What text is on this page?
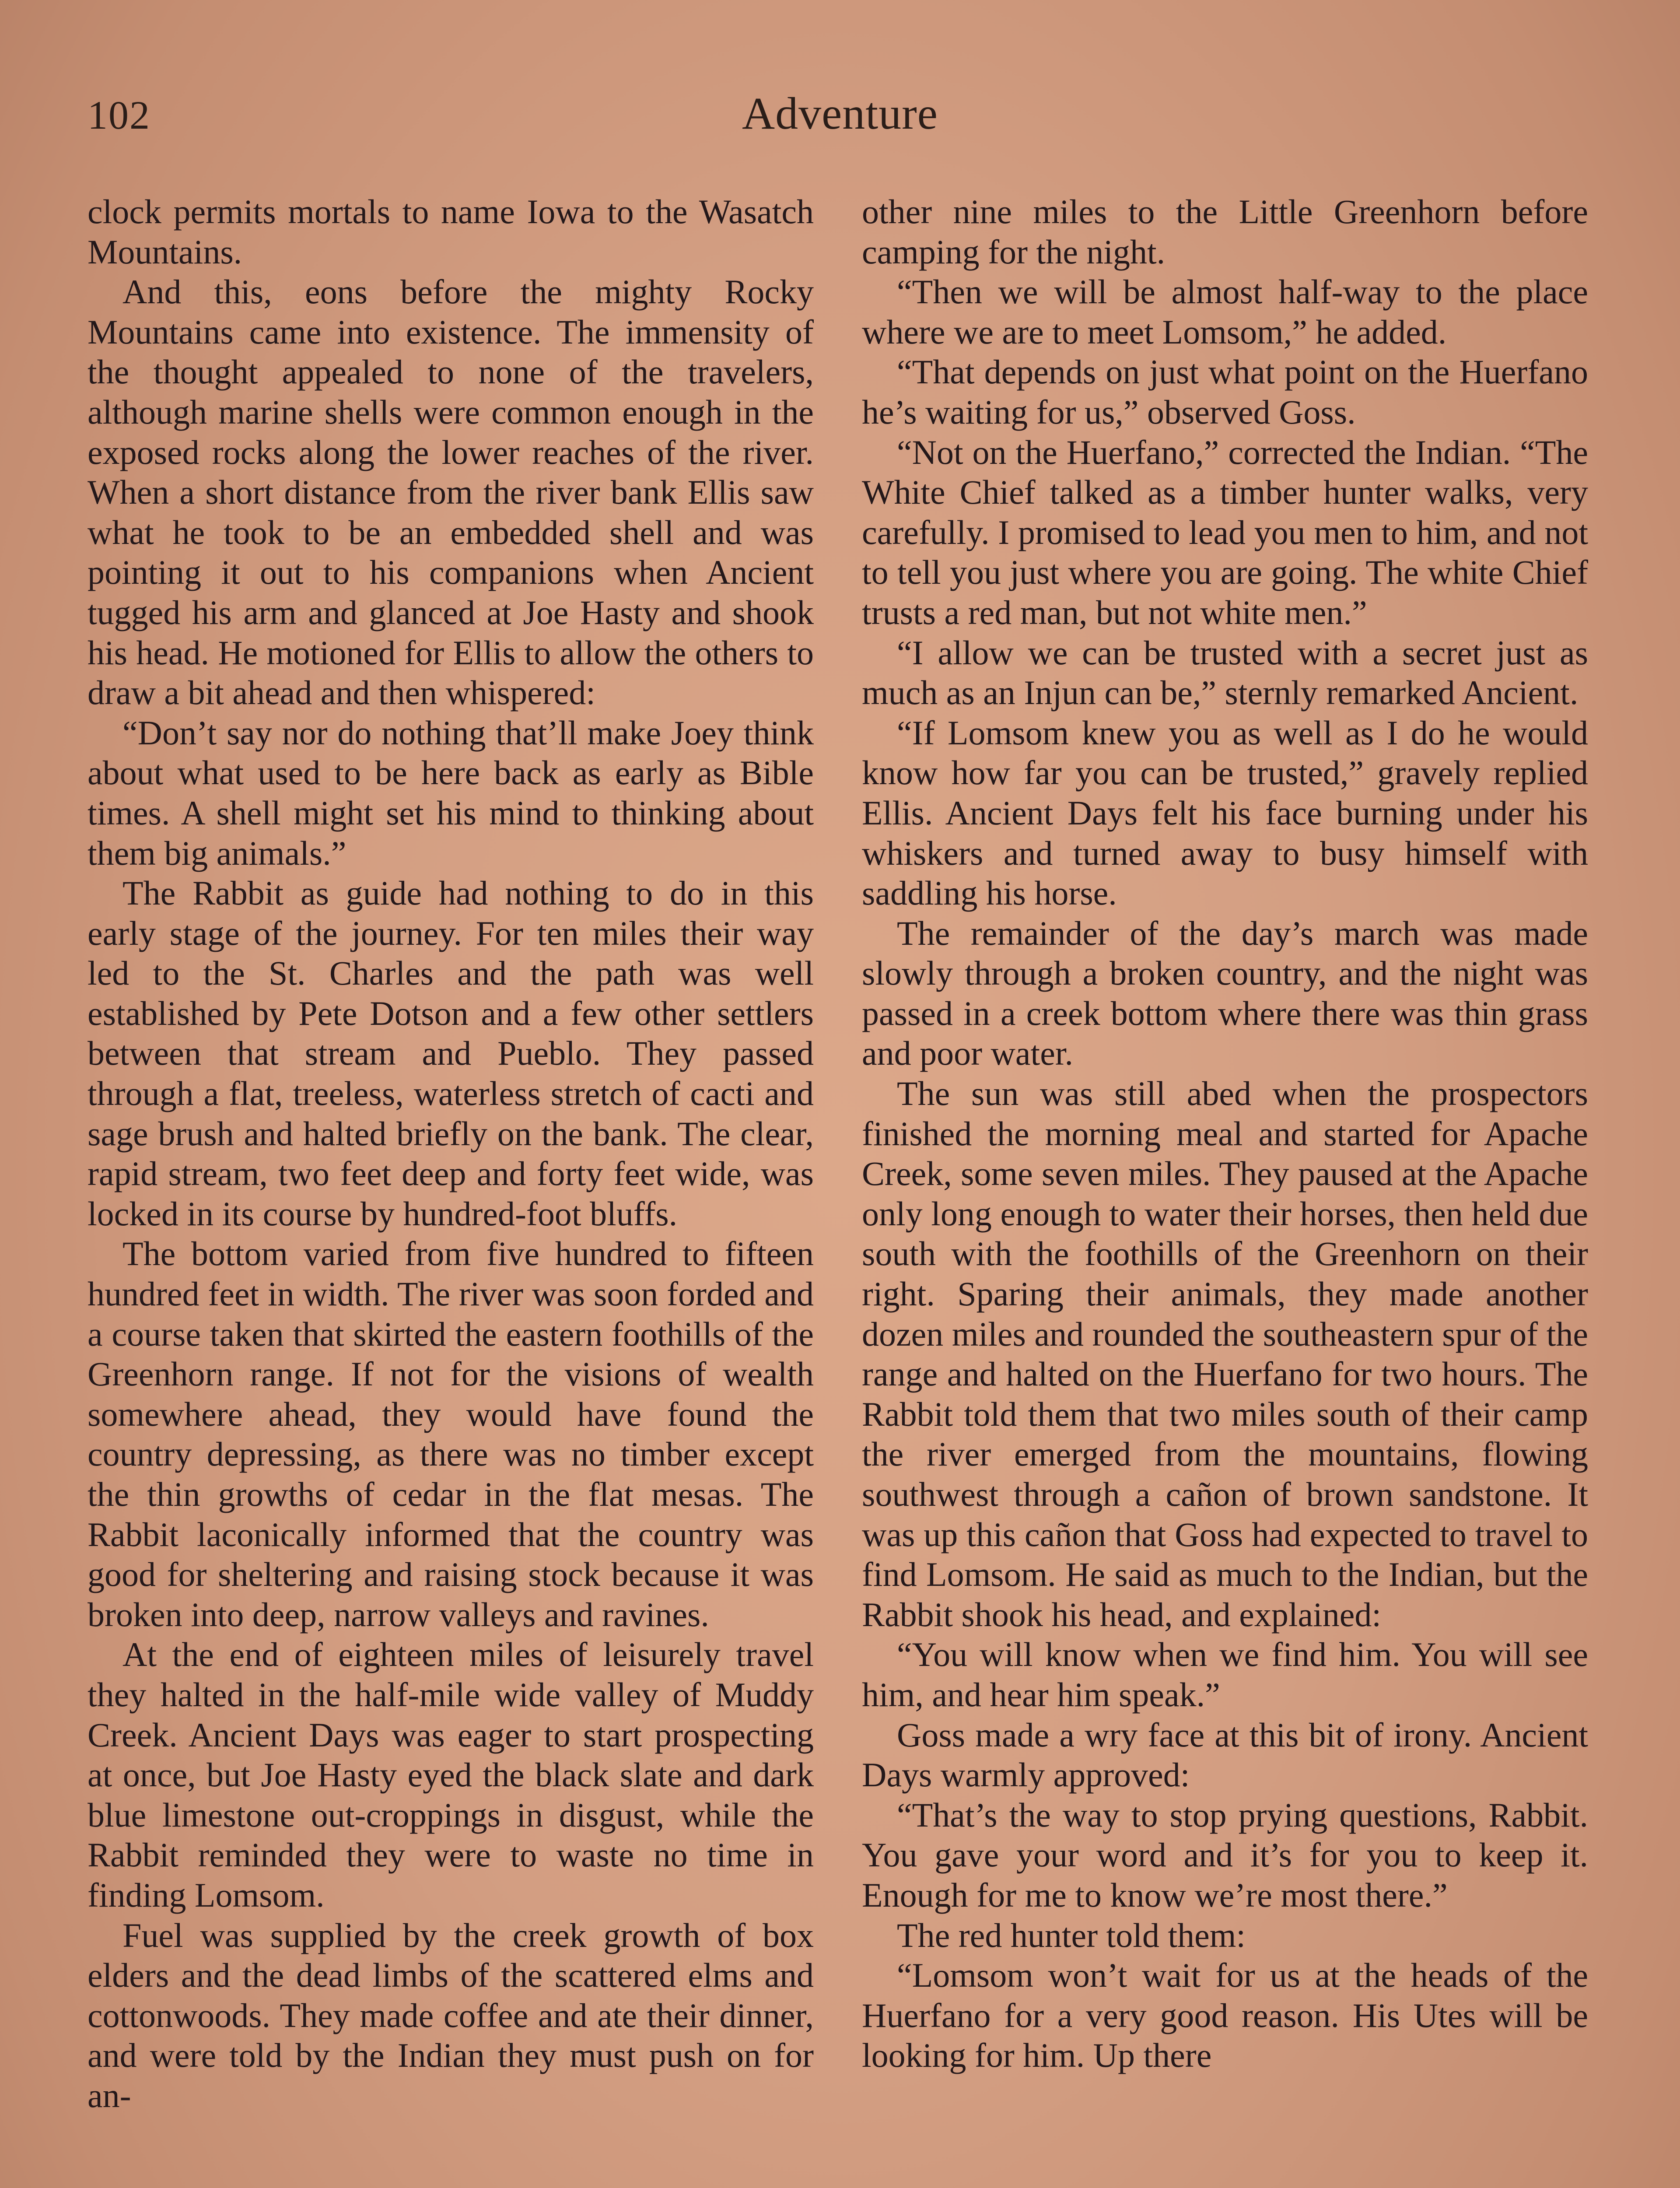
102	Adventure

clock permits mortals to name Iowa to the Wasatch Mountains.

And this, eons before the mighty Rocky Mountains came into existence. The immensity of the thought appealed to none of the travelers, although marine shells were common enough in the exposed rocks along the lower reaches of the river. When a short distance from the river bank Ellis saw what he took to be an embedded shell and was pointing it out to his companions when Ancient tugged his arm and glanced at Joe Hasty and shook his head. He motioned for Ellis to allow the others to draw a bit ahead and then whispered:

“Don’t say nor do nothing that’ll make Joey think about what used to be here back as early as Bible times. A shell might set his mind to thinking about them big animals.”

The Rabbit as guide had nothing to do in this early stage of the journey. For ten miles their way led to the St. Charles and the path was well established by Pete Dotson and a few other settlers between that stream and Pueblo. They passed through a flat, treeless, waterless stretch of cacti and sage brush and halted briefly on the bank. The clear, rapid stream, two feet deep and forty feet wide, was locked in its course by hundred-foot bluffs.

The bottom varied from five hundred to fifteen hundred feet in width. The river was soon forded and a course taken that skirted the eastern foothills of the Greenhorn range. If not for the visions of wealth somewhere ahead, they would have found the country depressing, as there was no timber except the thin growths of cedar in the flat mesas. The Rabbit laconically informed that the country was good for sheltering and raising stock because it was broken into deep, narrow valleys and ravines.

At the end of eighteen miles of leisurely travel they halted in the half-mile wide valley of Muddy Creek. Ancient Days was eager to start prospecting at once, but Joe Hasty eyed the black slate and dark blue limestone out-croppings in disgust, while the Rabbit reminded they were to waste no time in finding Lomsom.

Fuel was supplied by the creek growth of box elders and the dead limbs of the scattered elms and cottonwoods. They made coffee and ate their dinner, and were told by the Indian they must push on for an-

other nine miles to the Little Greenhorn before camping for the night.

“Then we will be almost half-way to the place where we are to meet Lomsom,” he added.

“That depends on just what point on the Huerfano he’s waiting for us,” observed Goss.

“Not on the Huerfano,” corrected the Indian. “The White Chief talked as a timber hunter walks, very carefully. I promised to lead you men to him, and not to tell you just where you are going. The white Chief trusts a red man, but not white men.”

“I allow we can be trusted with a secret just as much as an Injun can be,” sternly remarked Ancient.

“If Lomsom knew you as well as I do he would know how far you can be trusted,” gravely replied Ellis. Ancient Days felt his face burning under his whiskers and turned away to busy himself with saddling his horse.

The remainder of the day’s march was made slowly through a broken country, and the night was passed in a creek bottom where there was thin grass and poor water.

The sun was still abed when the prospectors finished the morning meal and started for Apache Creek, some seven miles. They paused at the Apache only long enough to water their horses, then held due south with the foothills of the Greenhorn on their right. Sparing their animals, they made another dozen miles and rounded the southeastern spur of the range and halted on the Huerfano for two hours. The Rabbit told them that two miles south of their camp the river emerged from the mountains, flowing southwest through a cañon of brown sandstone. It was up this cañon that Goss had expected to travel to find Lomsom. He said as much to the Indian, but the Rabbit shook his head, and explained:

“You will know when we find him. You will see him, and hear him speak.”

Goss made a wry face at this bit of irony. Ancient Days warmly approved:

“That’s the way to stop prying questions, Rabbit. You gave your word and it’s for you to keep it. Enough for me to know we’re most there.”

The red hunter told them:

“Lomsom won’t wait for us at the heads of the Huerfano for a very good reason. His Utes will be looking for him. Up there
